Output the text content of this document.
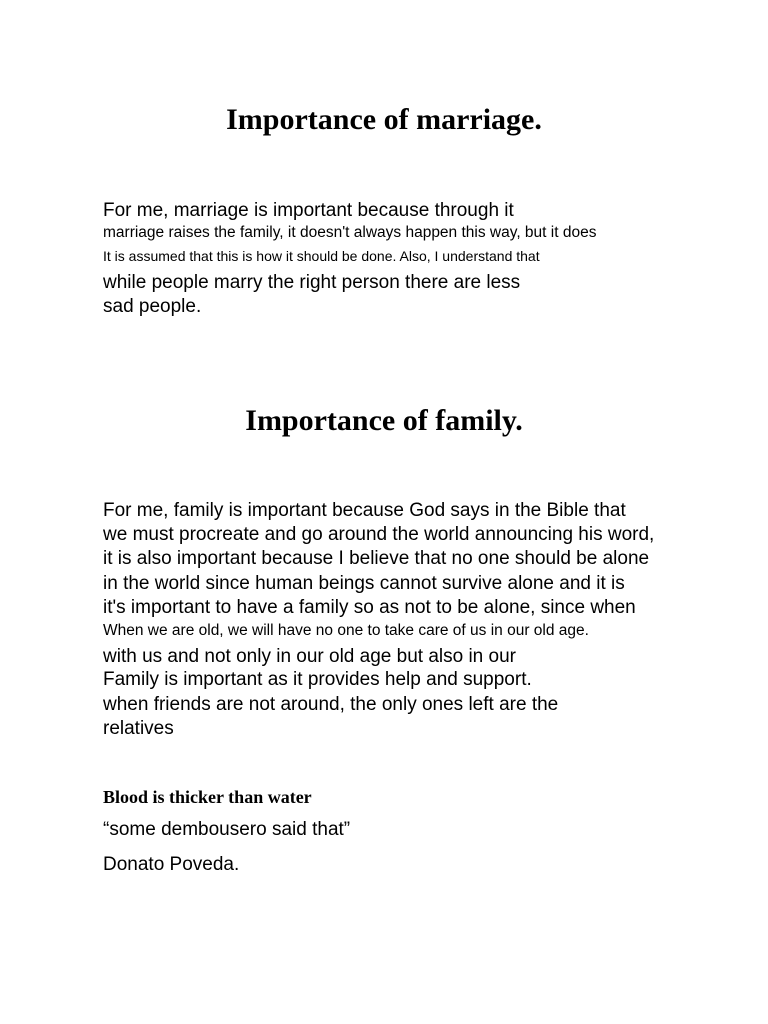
Importance of marriage.

For me, marriage is important because through it

marriage raises the family, it doesn't always happen this way, but it does

It is assumed that this is how it should be done. Also, I understand that

while people marry the right person there are less

sad people.

Importance of family.

For me, family is important because God says in the Bible that

we must procreate and go around the world announcing his word,

it is also important because I believe that no one should be alone

in the world since human beings cannot survive alone and it is

it's important to have a family so as not to be alone, since when

When we are old, we will have no one to take care of us in our old age.

with us and not only in our old age but also in our

Family is important as it provides help and support.

when friends are not around, the only ones left are the

relatives

Blood is thicker than water

“some dembousero said that”

Donato Poveda.
